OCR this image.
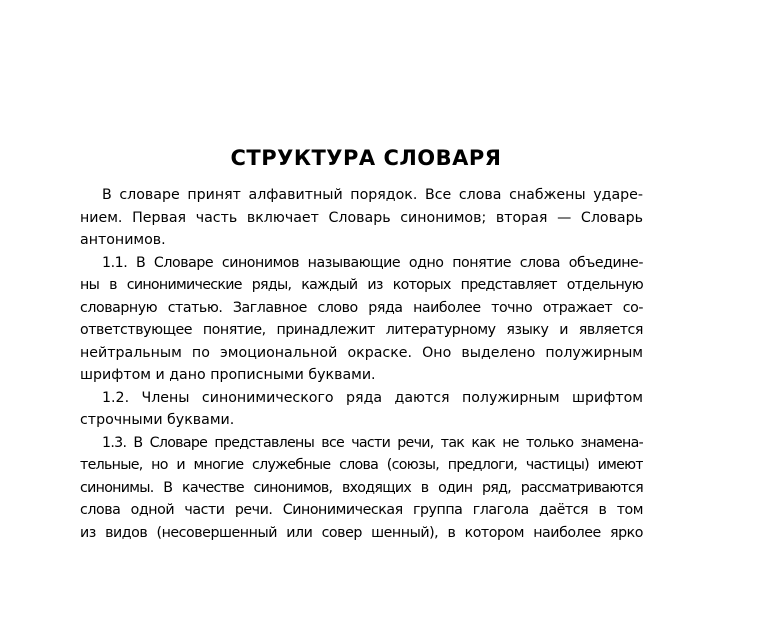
СТРУКТУРА СЛОВАРЯ
В словаре принят алфавитный порядок. Все слова снабжены ударе-
нием. Первая часть включает Словарь синонимов; вторая — Словарь
антонимов.
1.1. В Словаре синонимов называющие одно понятие слова объедине-
ны в синонимические ряды, каждый из которых представляет отдельную
словарную статью. Заглавное слово ряда наиболее точно отражает со-
ответствующее понятие, принадлежит литературному языку и является
нейтральным по эмоциональной окраске. Оно выделено полужирным
шрифтом и дано прописными буквами.
1.2. Члены синонимического ряда даются полужирным шрифтом
строчными буквами.
1.3. В Словаре представлены все части речи, так как не только знамена-
тельные, но и многие служебные слова (союзы, предлоги, частицы) имеют
синонимы. В качестве синонимов, входящих в один ряд, рассматриваются
слова одной части речи. Синонимическая группа глагола даётся в том
из видов (несовершенный или совер шенный), в котором наиболее ярко
